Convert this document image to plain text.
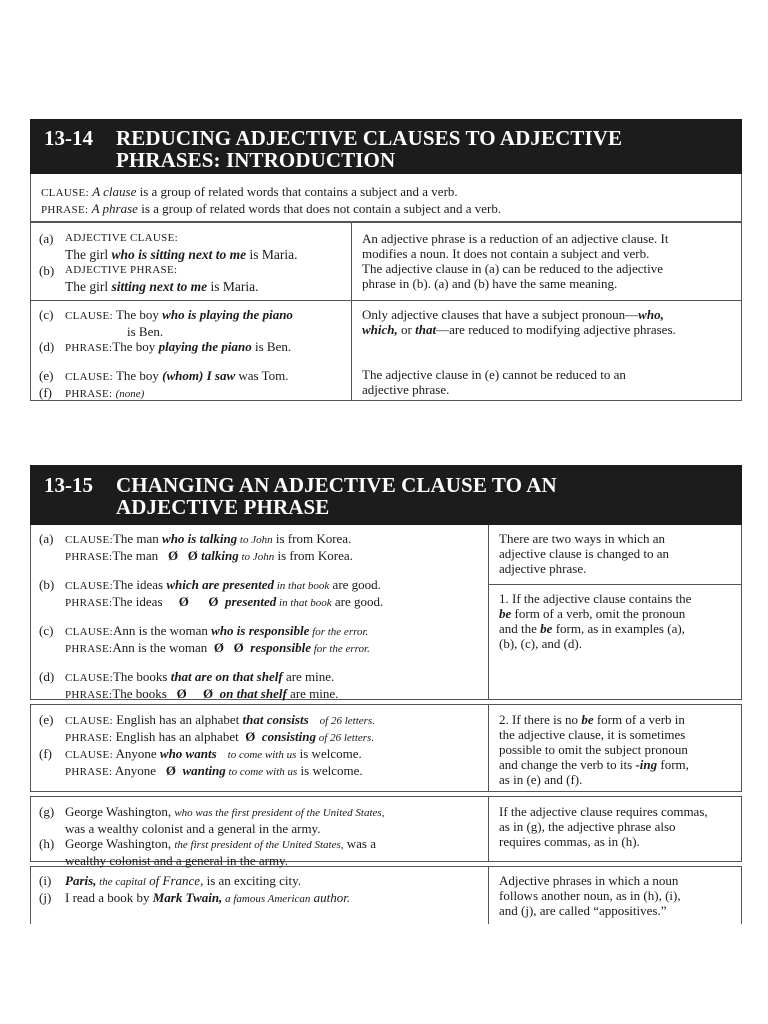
13-14	REDUCING ADJECTIVE CLAUSES TO ADJECTIVE
PHRASES: INTRODUCTION
CLAUSE: A clause is a group of related words that contains a subject and a verb.
PHRASE: A phrase is a group of related words that does not contain a subject and a verb.
(a)	ADJECTIVE CLAUSE:
The girl who is sitting next to me is Maria.
(b) ADJECTIVE PHRASE:
The girl sitting next to me is Maria.
An adjective phrase is a reduction of an adjective clause. It
modifies a noun. It does not contain a subject and verb.
The adjective clause in (a) can be reduced to the adjective
phrase in (b). (a) and (b) have the same meaning.
(c)	CLAUSE: The boy who is playing the piano
is Ben.
(d) PHRASE:The boy playing the piano is Ben.
(e)	CLAUSE: The boy (whom) I saw was Tom.
(f)	PHRASE: (none)
Only adjective clauses that have a subject pronoun—who,
which, or that—are reduced to modifying adjective phrases.
The adjective clause in (e) cannot be reduced to an
adjective phrase.
13-15	CHANGING AN ADJECTIVE CLAUSE TO AN
ADJECTIVE PHRASE
(a)	CLAUSE:The man who is talking to John is from Korea.
PHRASE:The man   Ø   Ø talking to John is from Korea.
(b) CLAUSE:The ideas which are presented in that book are good.
PHRASE:The ideas     Ø      Ø  presented in that book are good.
(c)	CLAUSE:Ann is the woman who is responsible for the error.
PHRASE:Ann is the woman  Ø   Ø  responsible for the error.
(d) CLAUSE:The books that are on that shelf are mine.
PHRASE:The books   Ø     Ø  on that shelf are mine.
There are two ways in which an
adjective clause is changed to an
adjective phrase.
1. If the adjective clause contains the
be form of a verb, omit the pronoun
and the be form, as in examples (a),
(b), (c), and (d).
(e)	CLAUSE: English has an alphabet that consists    of 26 letters.
PHRASE: English has an alphabet  Ø  consisting of 26 letters.
(f)	CLAUSE: Anyone who wants    to come with us is welcome.
PHRASE: Anyone   Ø  wanting to come with us is welcome.
2. If there is no be form of a verb in
the adjective clause, it is sometimes
possible to omit the subject pronoun
and change the verb to its -ing form,
as in (e) and (f).
(g) George Washington, who was the first president of the United States,
was a wealthy colonist and a general in the army.
(h) George Washington, the first president of the United States, was a
wealthy colonist and a general in the army.
If the adjective clause requires commas,
as in (g), the adjective phrase also
requires commas, as in (h).
(i)	Paris, the capital of France, is an exciting city.
(j)	I read a book by Mark Twain, a famous American author.
Adjective phrases in which a noun
follows another noun, as in (h), (i),
and (j), are called “appositives.”
